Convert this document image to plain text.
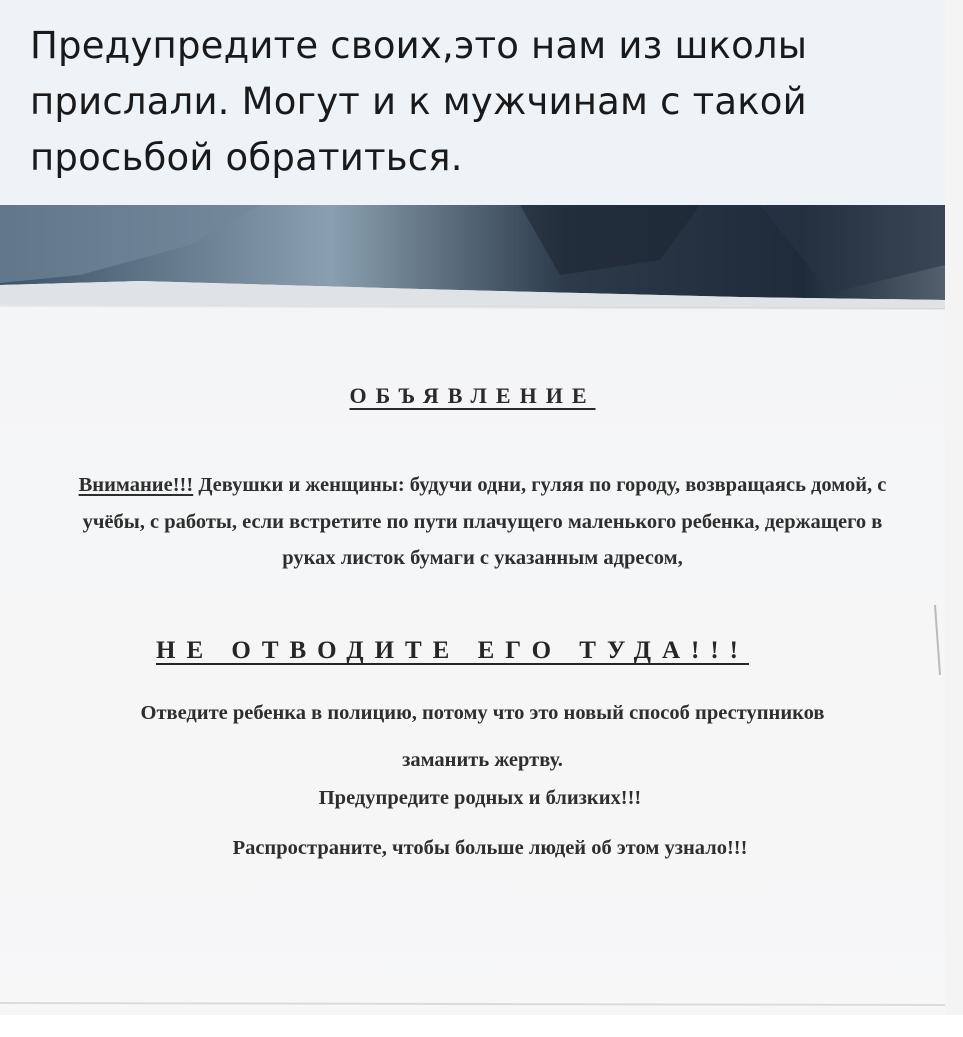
Предупредите своих,это нам из школы прислали. Могут и к мужчинам с такой просьбой обратиться.

ОБЪЯВЛЕНИЕ

Внимание!!! Девушки и женщины: будучи одни, гуляя по городу, возвращаясь домой, с учёбы, с работы, если встретите по пути плачущего маленького ребенка, держащего в руках листок бумаги с указанным адресом,

НЕ ОТВОДИТЕ ЕГО ТУДА!!!

Отведите ребенка в полицию, потому что это новый способ преступников заманить жертву.

Предупредите родных и близких!!!

Распространите, чтобы больше людей об этом узнало!!!
